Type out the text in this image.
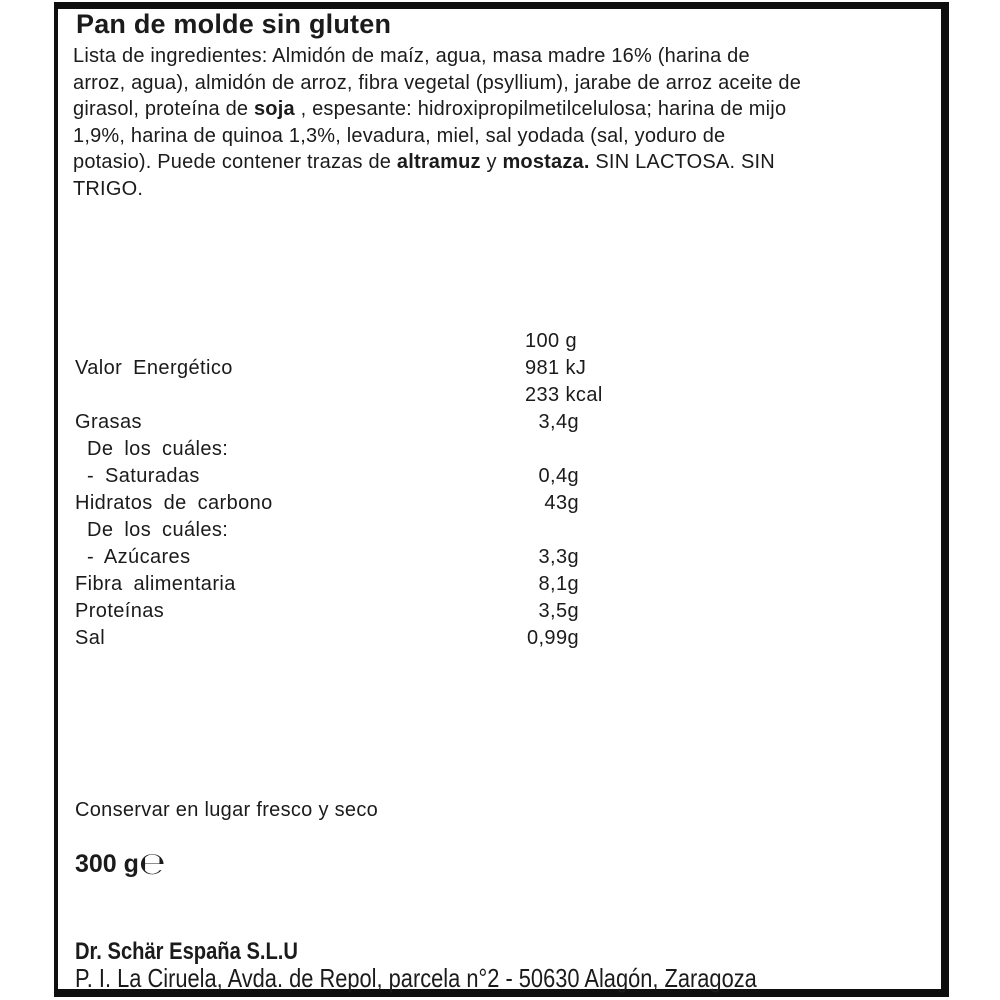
Pan de molde sin gluten
Lista de ingredientes: Almidón de maíz, agua, masa madre 16% (harina de
arroz, agua), almidón de arroz, fibra vegetal (psyllium), jarabe de arroz aceite de
girasol, proteína de soja , espesante: hidroxipropilmetilcelulosa; harina de mijo
1,9%, harina de quinoa 1,3%, levadura, miel, sal yodada (sal, yoduro de
potasio). Puede contener trazas de altramuz y mostaza. SIN LACTOSA. SIN
TRIGO.
100 g
Valor Energético	981 kJ
233 kcal
Grasas	3,4g
De los cuáles:
- Saturadas	0,4g
Hidratos de carbono	43g
De los cuáles:
- Azúcares	3,3g
Fibra alimentaria	8,1g
Proteínas	3,5g
Sal	0,99g
Conservar en lugar fresco y seco
300 g℮
Dr. Schär España S.L.U
P. I. La Ciruela, Avda. de Repol, parcela n°2 - 50630 Alagón, Zaragoza
